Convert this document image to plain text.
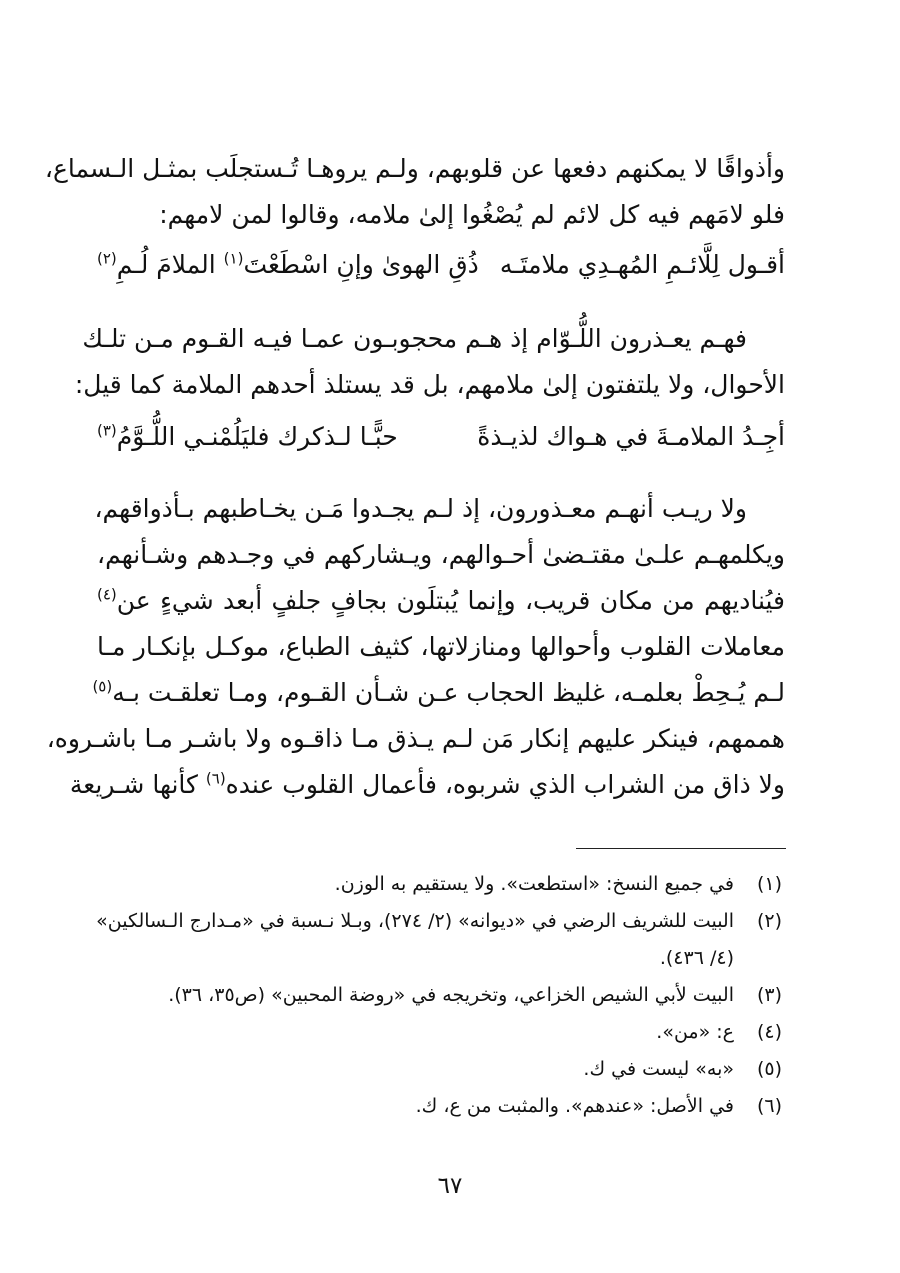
وأذواقًا لا يمكنهم دفعها عن قلوبهم، ولـم يروهـا تُـستجلَب بمثـل الـسماع،
فلو لامَهم فيه كل لائم لم يُصْغُوا إلىٰ ملامه، وقالوا لمن لامهم:
أقـول لِلَّائـمِ المُهـدِي ملامتَـه
ذُقِ الهوىٰ وإنِ اسْطَعْتَ$^{(١)}$ الملامَ لُـمِ$^{(٢)}$
فهـم يعـذرون اللُّـوّام إذ هـم محجوبـون عمـا فيـه القـوم مـن تلـك
الأحوال، ولا يلتفتون إلىٰ ملامهم، بل قد يستلذ أحدهم الملامة كما قيل:
أجِـدُ الملامـةَ في هـواك لذيـذةً
حبًّـا لـذكرك فليَلُمْنـي اللُّـوَّمُ$^{(٣)}$
ولا ريـب أنهـم معـذورون، إذ لـم يجـدوا مَـن يخـاطبهم بـأذواقهم،
ويكلمهـم علـىٰ مقتـضىٰ أحـوالهم، ويـشاركهم في وجـدهم وشـأنهم،
فيُناديهم من مكان قريب، وإنما يُبتلَون بجافٍ جلفٍ أبعد شيءٍ عن$^{(٤)}$
معاملات القلوب وأحوالها ومنازلاتها، كثيف الطباع، موكـل بإنكـار مـا
لـم يُـحِطْ بعلمـه، غليظ الحجاب عـن شـأن القـوم، ومـا تعلقـت بـه$^{(٥)}$
هممهم، فينكر عليهم إنكار مَن لـم يـذق مـا ذاقـوه ولا باشـر مـا باشـروه،
ولا ذاق من الشراب الذي شربوه، فأعمال القلوب عنده$^{(٦)}$ كأنها شـريعة
(١)
في جميع النسخ: «استطعت». ولا يستقيم به الوزن.
(٢)
البيت للشريف الرضي في «ديوانه» (٢/ ٢٧٤)، وبـلا نـسبة في «مـدارج الـسالكين»
(٤/ ٤٣٦).
(٣)
البيت لأبي الشيص الخزاعي، وتخريجه في «روضة المحبين» (ص٣٥، ٣٦).
(٤)
ع: «من».
(٥)
«به» ليست في ك.
(٦)
في الأصل: «عندهم». والمثبت من ع، ك.
٦٧
